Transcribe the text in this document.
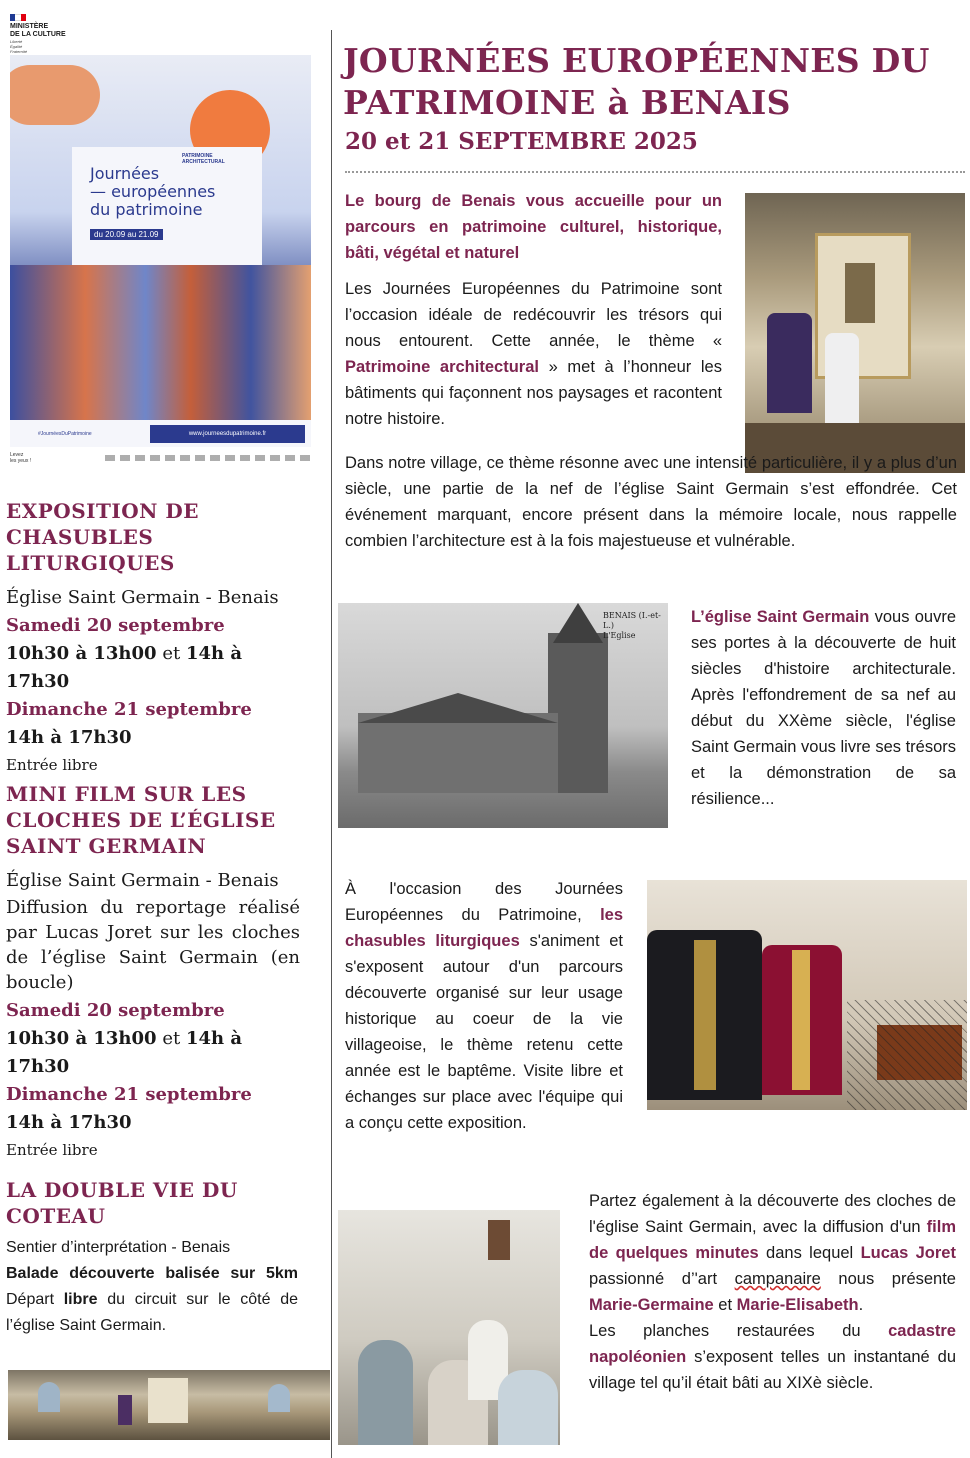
MINISTÈRE
DE LA CULTURE
Liberté
Égalité
Fraternité
PATRIMOINE
ARCHITECTURAL
Journées
— européennes
du patrimoine
du 20.09 au 21.09
#JournéesDuPatrimoine	www.journeesdupatrimoine.fr
Levez
les yeux !
EXPOSITION DE
CHASUBLES
LITURGIQUES
Église Saint Germain - Benais
Samedi 20 septembre
10h30 à 13h00 et 14h à 17h30
Dimanche 21 septembre
14h à 17h30
Entrée libre
MINI FILM SUR LES
CLOCHES DE L’ÉGLISE
SAINT GERMAIN
Église Saint Germain - Benais
Diffusion du reportage réalisé par Lucas Joret sur les cloches de l’église Saint Germain (en boucle)
Samedi 20 septembre
10h30 à 13h00 et 14h à 17h30
Dimanche 21 septembre
14h à 17h30
Entrée libre
LA DOUBLE VIE DU
COTEAU
Sentier d’interprétation - Benais
Balade découverte balisée sur 5km Départ libre du circuit sur le côté de l’église Saint Germain.
JOURNÉES EUROPÉENNES DU
PATRIMOINE à BENAIS
20 et 21 SEPTEMBRE 2025
Le bourg de Benais vous accueille pour un parcours en patrimoine culturel, historique, bâti, végétal et naturel
Les Journées Européennes du Patrimoine sont l’occasion idéale de redécouvrir les trésors qui nous entourent. Cette année, le thème « Patrimoine architectural » met à l’honneur les bâtiments qui façonnent nos paysages et racontent notre histoire.
Dans notre village, ce thème résonne avec une intensité particulière, il y a plus d’un siècle, une partie de la nef de l’église Saint Germain s’est effondrée. Cet événement marquant, encore présent dans la mémoire locale, nous rappelle combien l’architecture est à la fois majestueuse et vulnérable.
BENAIS (I.-et-L.)
L'Eglise
L’église Saint Germain vous ouvre ses portes à la découverte de huit siècles d'histoire architecturale. Après l'effondrement de sa nef au début du XXème siècle, l'église Saint Germain vous livre ses trésors et la démonstration de sa résilience...
À l'occasion des Journées Européennes du Patrimoine, les chasubles liturgiques s'animent et s'exposent autour d'un parcours découverte organisé sur leur usage historique au coeur de la vie villageoise, le thème retenu cette année est le baptême. Visite libre et échanges sur place avec l'équipe qui a conçu cette exposition.
Partez également à la découverte des cloches de l'église Saint Germain, avec la diffusion d'un film de quelques minutes dans lequel Lucas Joret passionné d’'art campanaire nous présente Marie-Germaine et Marie-Elisabeth.
Les planches restaurées du cadastre napoléonien s’exposent telles un instantané du village tel qu’il était bâti au XIXè siècle.
